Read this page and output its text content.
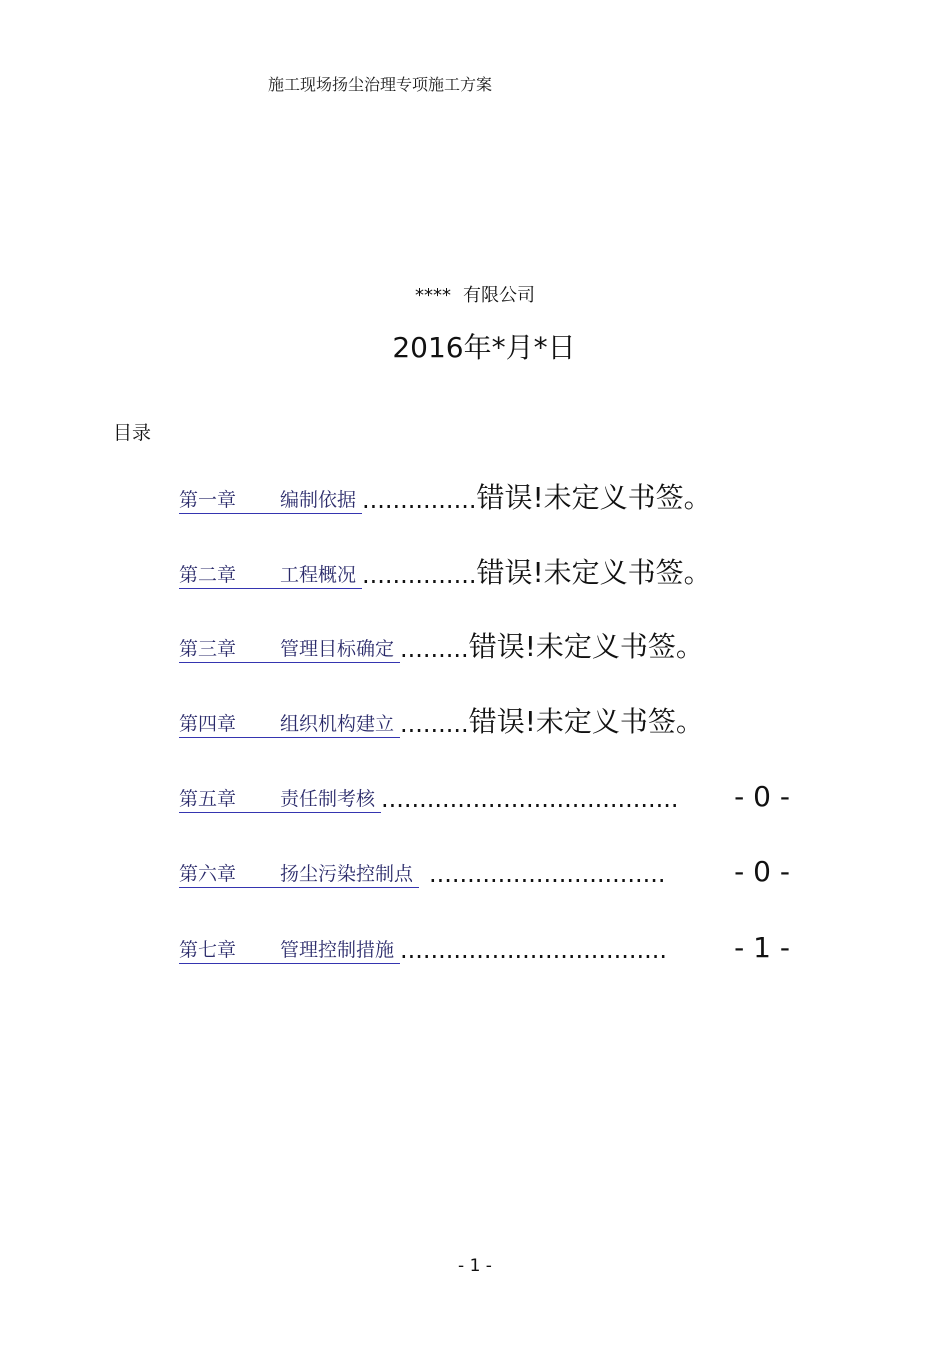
施工现场扬尘治理专项施工方案
**** 有限公司
2016年*月*日
目录
第一章 编制依据 ............... 错误!未定义书签。
第二章 工程概况 ............... 错误!未定义书签。
第三章 管理目标确定 ......... 错误!未定义书签。
第四章 组织机构建立 ......... 错误!未定义书签。
第五章 责任制考核 ....................................... - 0 -
第六章 扬尘污染控制点 ............................... - 0 -
第七章 管理控制措施 ................................... - 1 -
- 1 -
